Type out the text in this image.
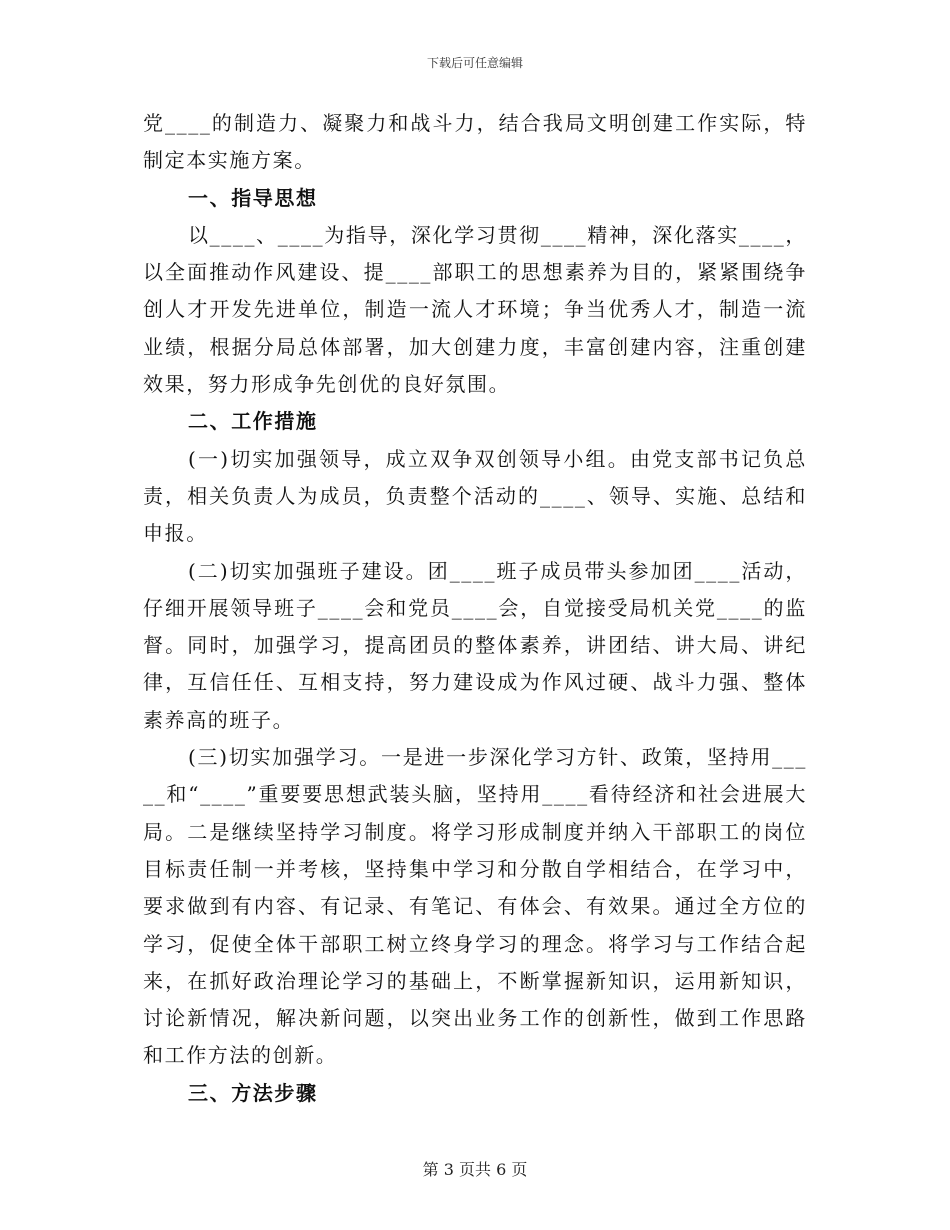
下载后可任意编辑

党____的制造力、凝聚力和战斗力，结合我局文明创建工作实际，特制定本实施方案。

一、指导思想

以____、____为指导，深化学习贯彻____精神，深化落实____，以全面推动作风建设、提____部职工的思想素养为目的，紧紧围绕争创人才开发先进单位，制造一流人才环境；争当优秀人才，制造一流业绩，根据分局总体部署，加大创建力度，丰富创建内容，注重创建效果，努力形成争先创优的良好氛围。

二、工作措施

(一)切实加强领导，成立双争双创领导小组。由党支部书记负总责，相关负责人为成员，负责整个活动的____、领导、实施、总结和申报。

(二)切实加强班子建设。团____班子成员带头参加团____活动，仔细开展领导班子____会和党员____会，自觉接受局机关党____的监督。同时，加强学习，提高团员的整体素养，讲团结、讲大局、讲纪律，互信任任、互相支持，努力建设成为作风过硬、战斗力强、整体素养高的班子。

(三)切实加强学习。一是进一步深化学习方针、政策，坚持用_____和“____”重要要思想武装头脑，坚持用____看待经济和社会进展大局。二是继续坚持学习制度。将学习形成制度并纳入干部职工的岗位目标责任制一并考核，坚持集中学习和分散自学相结合，在学习中，要求做到有内容、有记录、有笔记、有体会、有效果。通过全方位的学习，促使全体干部职工树立终身学习的理念。将学习与工作结合起来，在抓好政治理论学习的基础上，不断掌握新知识，运用新知识，讨论新情况，解决新问题，以突出业务工作的创新性，做到工作思路和工作方法的创新。

三、方法步骤

第 3 页共 6 页
